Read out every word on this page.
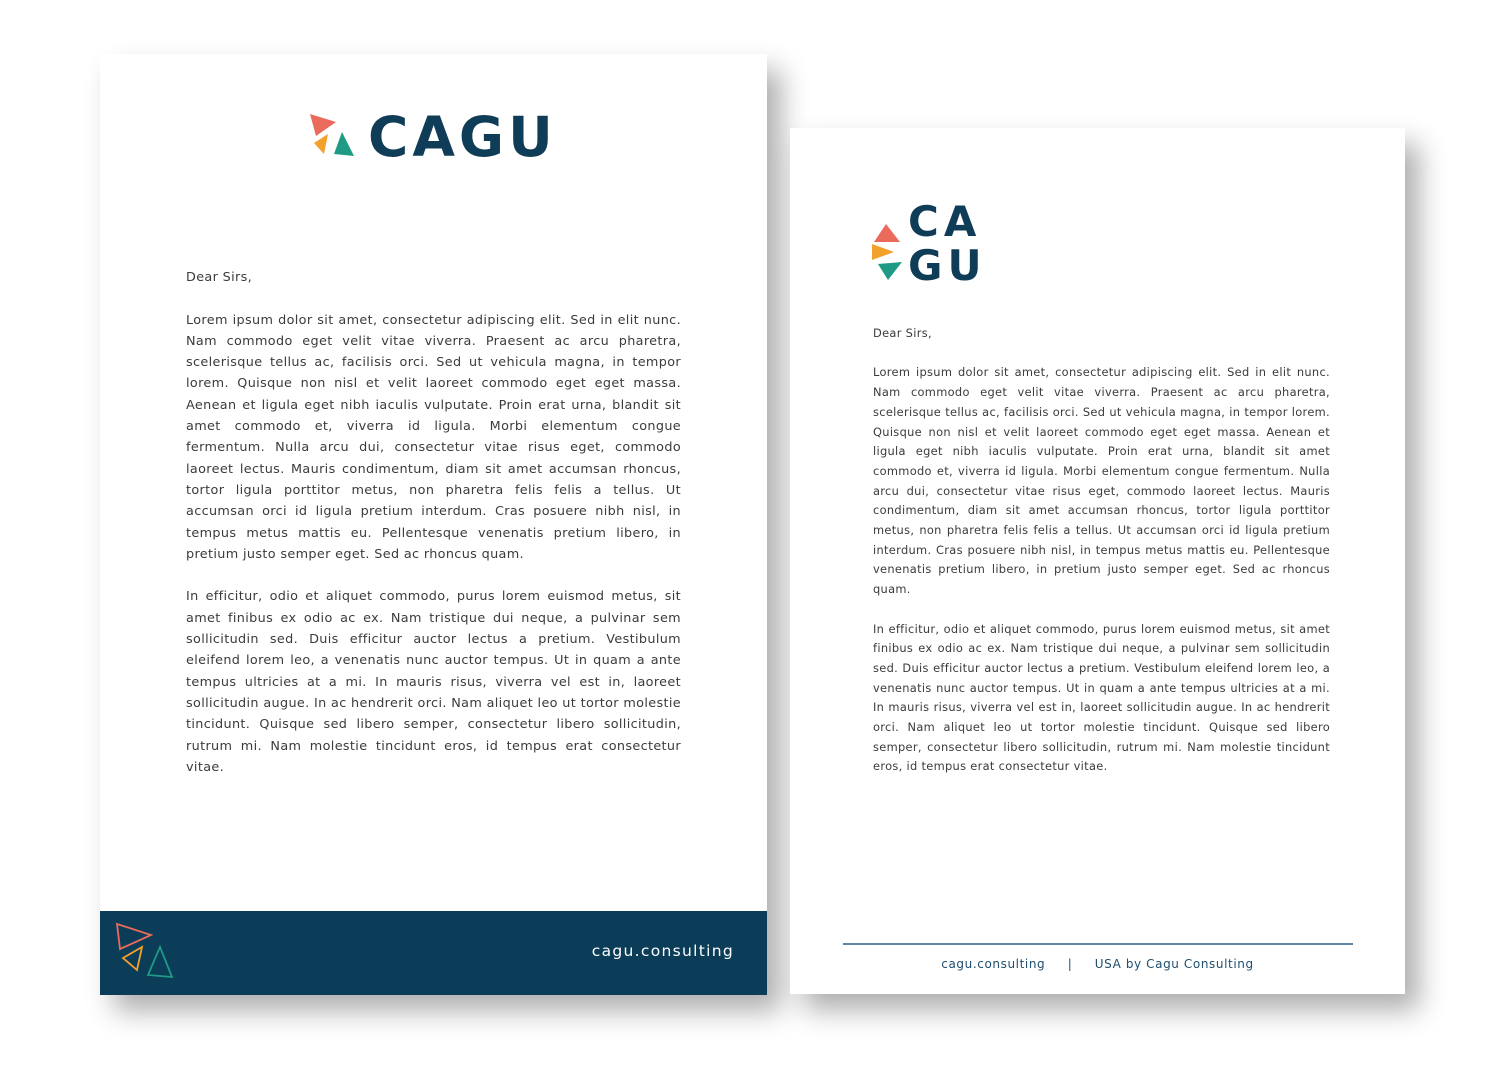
CAGU

Dear Sirs,

Lorem ipsum dolor sit amet, consectetur adipiscing elit. Sed in elit nunc. Nam commodo eget velit vitae viverra. Praesent ac arcu pharetra, scelerisque tellus ac, facilisis orci. Sed ut vehicula magna, in tempor lorem. Quisque non nisl et velit laoreet commodo eget eget massa. Aenean et ligula eget nibh iaculis vulputate. Proin erat urna, blandit sit amet commodo et, viverra id ligula. Morbi elementum congue fermentum. Nulla arcu dui, consectetur vitae risus eget, commodo laoreet lectus. Mauris condimentum, diam sit amet accumsan rhoncus, tortor ligula porttitor metus, non pharetra felis felis a tellus. Ut accumsan orci id ligula pretium interdum. Cras posuere nibh nisl, in tempus metus mattis eu. Pellentesque venenatis pretium libero, in pretium justo semper eget. Sed ac rhoncus quam.

In efficitur, odio et aliquet commodo, purus lorem euismod metus, sit amet finibus ex odio ac ex. Nam tristique dui neque, a pulvinar sem sollicitudin sed. Duis efficitur auctor lectus a pretium. Vestibulum eleifend lorem leo, a venenatis nunc auctor tempus. Ut in quam a ante tempus ultricies at a mi. In mauris risus, viverra vel est in, laoreet sollicitudin augue. In ac hendrerit orci. Nam aliquet leo ut tortor molestie tincidunt. Quisque sed libero semper, consectetur libero sollicitudin, rutrum mi. Nam molestie tincidunt eros, id tempus erat consectetur vitae.

cagu.consulting
CA
GU

Dear Sirs,

Lorem ipsum dolor sit amet, consectetur adipiscing elit. Sed in elit nunc. Nam commodo eget velit vitae viverra. Praesent ac arcu pharetra, scelerisque tellus ac, facilisis orci. Sed ut vehicula magna, in tempor lorem. Quisque non nisl et velit laoreet commodo eget eget massa. Aenean et ligula eget nibh iaculis vulputate. Proin erat urna, blandit sit amet commodo et, viverra id ligula. Morbi elementum congue fermentum. Nulla arcu dui, consectetur vitae risus eget, commodo laoreet lectus. Mauris condimentum, diam sit amet accumsan rhoncus, tortor ligula porttitor metus, non pharetra felis felis a tellus. Ut accumsan orci id ligula pretium interdum. Cras posuere nibh nisl, in tempus metus mattis eu. Pellentesque venenatis pretium libero, in pretium justo semper eget. Sed ac rhoncus quam.

In efficitur, odio et aliquet commodo, purus lorem euismod metus, sit amet finibus ex odio ac ex. Nam tristique dui neque, a pulvinar sem sollicitudin sed. Duis efficitur auctor lectus a pretium. Vestibulum eleifend lorem leo, a venenatis nunc auctor tempus. Ut in quam a ante tempus ultricies at a mi. In mauris risus, viverra vel est in, laoreet sollicitudin augue. In ac hendrerit orci. Nam aliquet leo ut tortor molestie tincidunt. Quisque sed libero semper, consectetur libero sollicitudin, rutrum mi. Nam molestie tincidunt eros, id tempus erat consectetur vitae.

cagu.consulting | USA by Cagu Consulting
